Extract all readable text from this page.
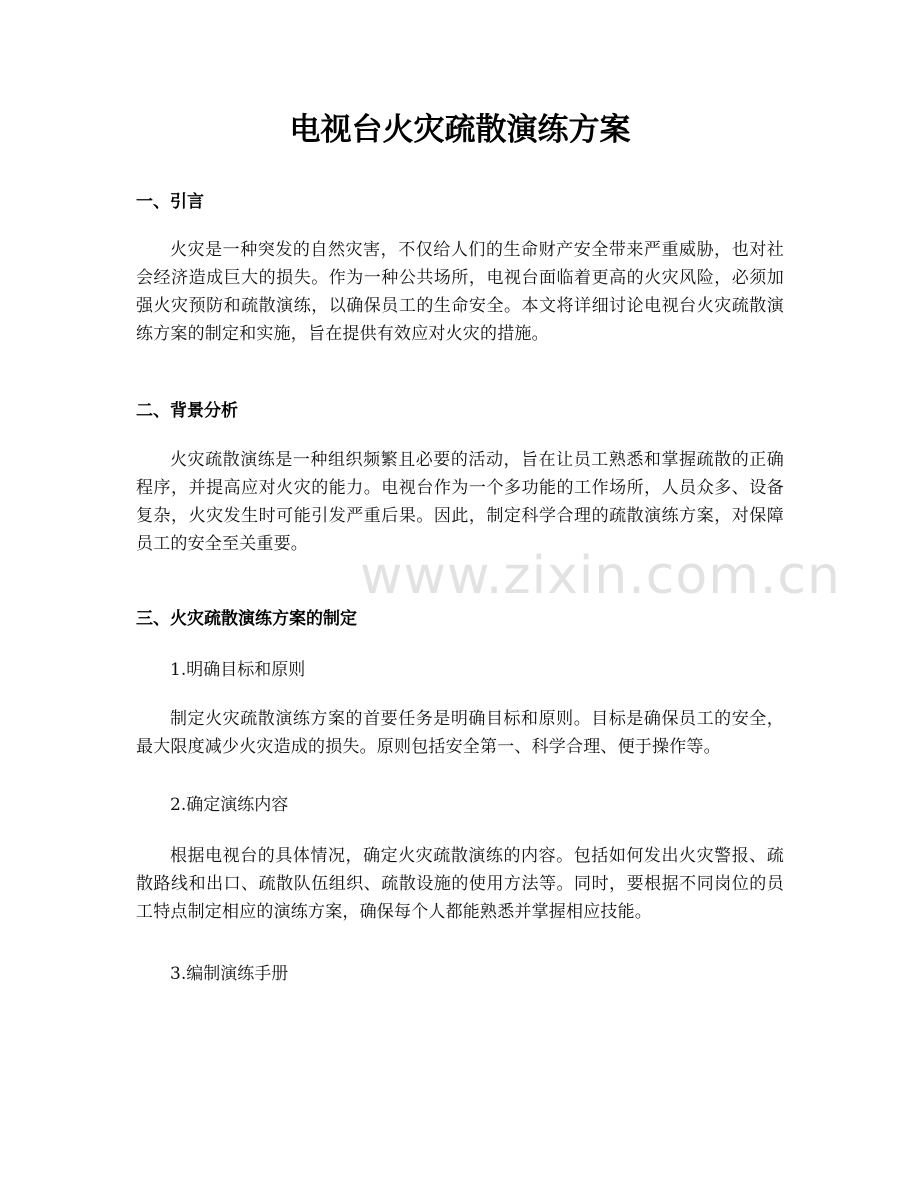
www.zixin.com.cn
电视台火灾疏散演练方案
一、引言

火灾是一种突发的自然灾害，不仅给人们的生命财产安全带来严重威胁，也对社会经济造成巨大的损失。作为一种公共场所，电视台面临着更高的火灾风险，必须加强火灾预防和疏散演练，以确保员工的生命安全。本文将详细讨论电视台火灾疏散演练方案的制定和实施，旨在提供有效应对火灾的措施。

二、背景分析

火灾疏散演练是一种组织频繁且必要的活动，旨在让员工熟悉和掌握疏散的正确程序，并提高应对火灾的能力。电视台作为一个多功能的工作场所，人员众多、设备复杂，火灾发生时可能引发严重后果。因此，制定科学合理的疏散演练方案，对保障员工的安全至关重要。

三、火灾疏散演练方案的制定
1.明确目标和原则

制定火灾疏散演练方案的首要任务是明确目标和原则。目标是确保员工的安全，最大限度减少火灾造成的损失。原则包括安全第一、科学合理、便于操作等。

2.确定演练内容

根据电视台的具体情况，确定火灾疏散演练的内容。包括如何发出火灾警报、疏散路线和出口、疏散队伍组织、疏散设施的使用方法等。同时，要根据不同岗位的员工特点制定相应的演练方案，确保每个人都能熟悉并掌握相应技能。

3.编制演练手册
